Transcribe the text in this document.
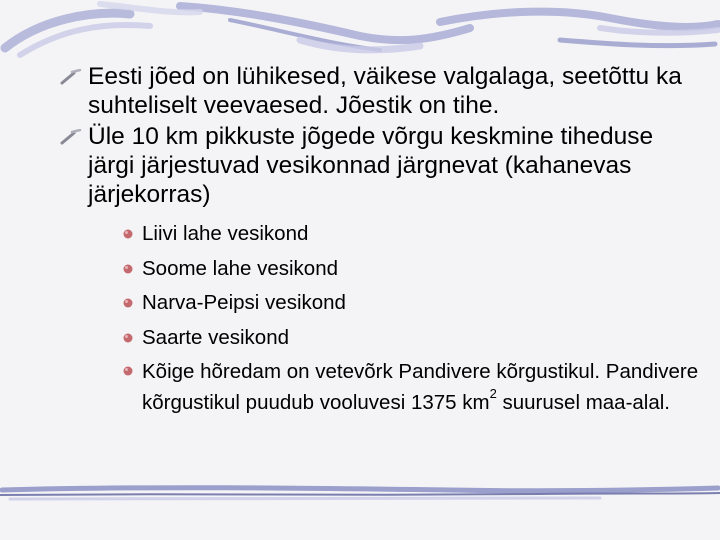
Eesti jõed on lühikesed, väikese valgalaga, seetõttu ka suhteliselt veevaesed. Jõestik on tihe.
Üle 10 km pikkuste jõgede võrgu keskmine tiheduse järgi järjestuvad vesikonnad järgnevat (kahanevas järjekorras)
Liivi lahe vesikond
Soome lahe vesikond
Narva-Peipsi vesikond
Saarte vesikond
Kõige hõredam on vetevõrk Pandivere kõrgustikul. Pandivere kõrgustikul puudub vooluvesi 1375 $km^2$ suurusel maa-alal.
